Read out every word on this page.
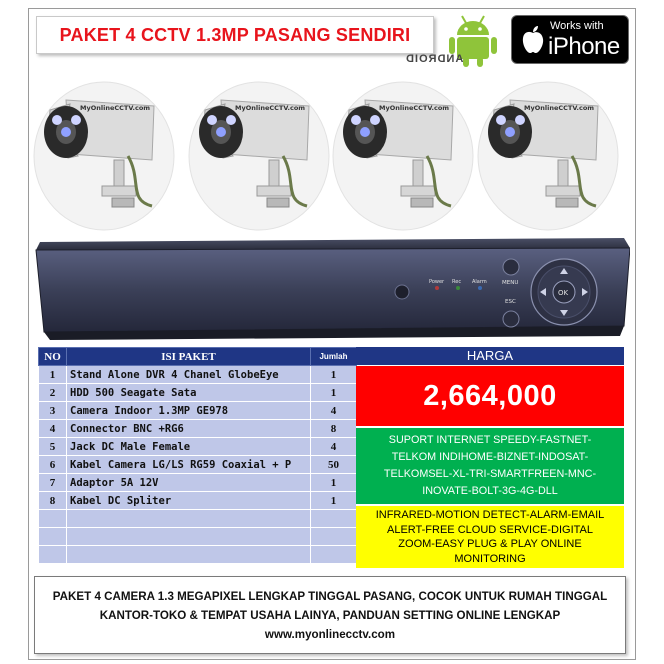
PAKET 4 CCTV 1.3MP PASANG SENDIRI
ANDROID
Works with
iPhone
MyOnlineCCTV.com	MyOnlineCCTV.com	MyOnlineCCTV.com	MyOnlineCCTV.com
Power Rec Alarm	MENU
ESC
OK
NO	ISI PAKET	Jumlah
1	Stand Alone DVR 4 Chanel GlobeEye	1
2	HDD 500 Seagate Sata	1
3	Camera Indoor 1.3MP GE978	4
4	Connector BNC +RG6	8
5	Jack DC Male Female	4
6	Kabel Camera LG/LS RG59 Coaxial + P	50
7	Adaptor 5A 12V	1
8	Kabel DC Spliter	1

HARGA
2,664,000
SUPORT INTERNET SPEEDY-FASTNET-
TELKOM INDIHOME-BIZNET-INDOSAT-
TELKOMSEL-XL-TRI-SMARTFREEN-MNC-
INOVATE-BOLT-3G-4G-DLL
INFRARED-MOTION DETECT-ALARM-EMAIL
ALERT-FREE CLOUD SERVICE-DIGITAL
ZOOM-EASY PLUG & PLAY ONLINE
MONITORING
PAKET 4 CAMERA 1.3 MEGAPIXEL LENGKAP TINGGAL PASANG, COCOK UNTUK RUMAH TINGGAL
KANTOR-TOKO & TEMPAT USAHA LAINYA, PANDUAN SETTING ONLINE LENGKAP
www.myonlinecctv.com
